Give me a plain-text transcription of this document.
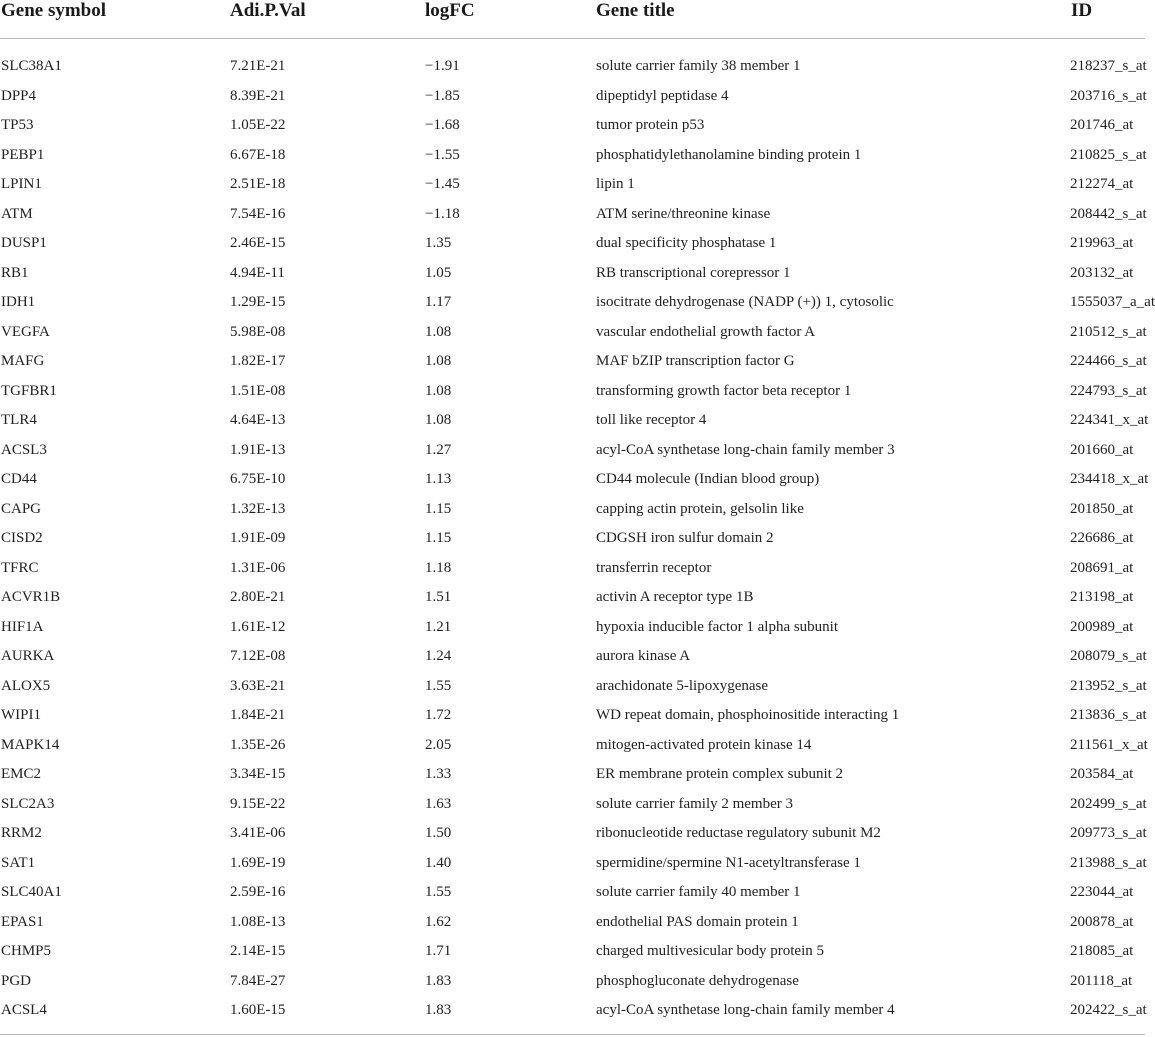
Gene symbol	Adi.P.Val	logFC	Gene title	ID
SLC38A1	7.21E-21	−1.91	solute carrier family 38 member 1	218237_s_at
DPP4	8.39E-21	−1.85	dipeptidyl peptidase 4	203716_s_at
TP53	1.05E-22	−1.68	tumor protein p53	201746_at
PEBP1	6.67E-18	−1.55	phosphatidylethanolamine binding protein 1	210825_s_at
LPIN1	2.51E-18	−1.45	lipin 1	212274_at
ATM	7.54E-16	−1.18	ATM serine/threonine kinase	208442_s_at
DUSP1	2.46E-15	1.35	dual specificity phosphatase 1	219963_at
RB1	4.94E-11	1.05	RB transcriptional corepressor 1	203132_at
IDH1	1.29E-15	1.17	isocitrate dehydrogenase (NADP (+)) 1, cytosolic	1555037_a_at
VEGFA	5.98E-08	1.08	vascular endothelial growth factor A	210512_s_at
MAFG	1.82E-17	1.08	MAF bZIP transcription factor G	224466_s_at
TGFBR1	1.51E-08	1.08	transforming growth factor beta receptor 1	224793_s_at
TLR4	4.64E-13	1.08	toll like receptor 4	224341_x_at
ACSL3	1.91E-13	1.27	acyl-CoA synthetase long-chain family member 3	201660_at
CD44	6.75E-10	1.13	CD44 molecule (Indian blood group)	234418_x_at
CAPG	1.32E-13	1.15	capping actin protein, gelsolin like	201850_at
CISD2	1.91E-09	1.15	CDGSH iron sulfur domain 2	226686_at
TFRC	1.31E-06	1.18	transferrin receptor	208691_at
ACVR1B	2.80E-21	1.51	activin A receptor type 1B	213198_at
HIF1A	1.61E-12	1.21	hypoxia inducible factor 1 alpha subunit	200989_at
AURKA	7.12E-08	1.24	aurora kinase A	208079_s_at
ALOX5	3.63E-21	1.55	arachidonate 5-lipoxygenase	213952_s_at
WIPI1	1.84E-21	1.72	WD repeat domain, phosphoinositide interacting 1	213836_s_at
MAPK14	1.35E-26	2.05	mitogen-activated protein kinase 14	211561_x_at
EMC2	3.34E-15	1.33	ER membrane protein complex subunit 2	203584_at
SLC2A3	9.15E-22	1.63	solute carrier family 2 member 3	202499_s_at
RRM2	3.41E-06	1.50	ribonucleotide reductase regulatory subunit M2	209773_s_at
SAT1	1.69E-19	1.40	spermidine/spermine N1-acetyltransferase 1	213988_s_at
SLC40A1	2.59E-16	1.55	solute carrier family 40 member 1	223044_at
EPAS1	1.08E-13	1.62	endothelial PAS domain protein 1	200878_at
CHMP5	2.14E-15	1.71	charged multivesicular body protein 5	218085_at
PGD	7.84E-27	1.83	phosphogluconate dehydrogenase	201118_at
ACSL4	1.60E-15	1.83	acyl-CoA synthetase long-chain family member 4	202422_s_at
